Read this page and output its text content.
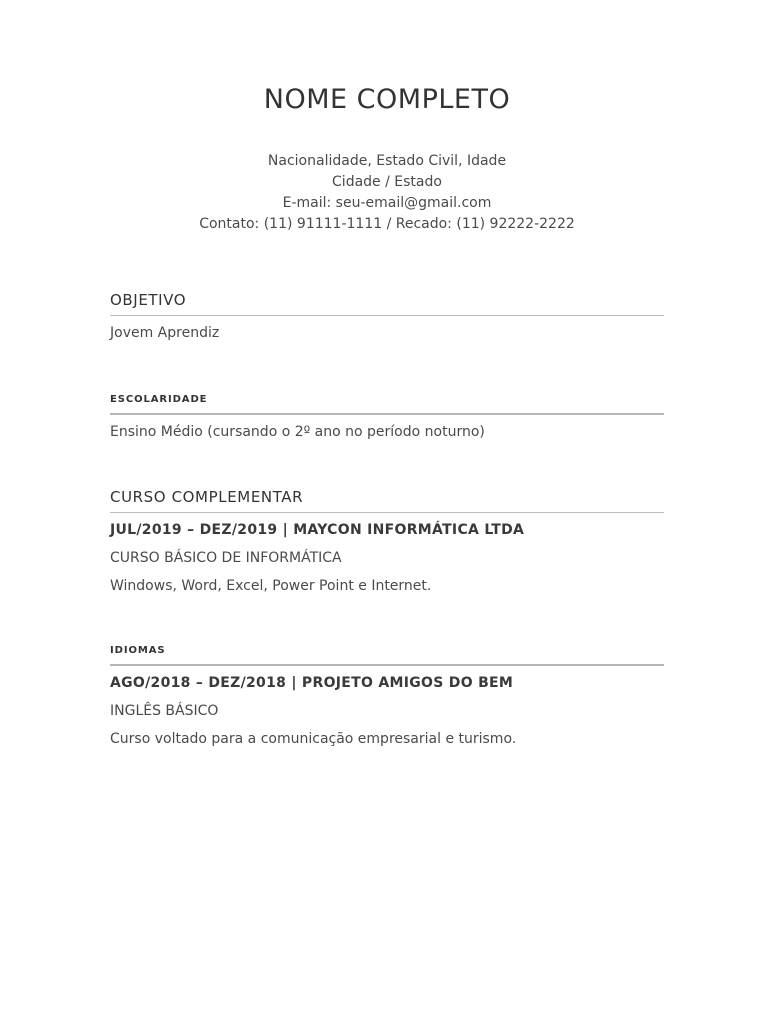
NOME COMPLETO
Nacionalidade, Estado Civil, Idade
Cidade / Estado
E-mail: seu-email@gmail.com
Contato: (11) 91111-1111 / Recado: (11) 92222-2222
OBJETIVO
Jovem Aprendiz
ESCOLARIDADE
Ensino Médio (cursando o 2º ano no período noturno)
CURSO COMPLEMENTAR
JUL/2019 – DEZ/2019 | MAYCON INFORMÁTICA LTDA
CURSO BÁSICO DE INFORMÁTICA
Windows, Word, Excel, Power Point e Internet.
IDIOMAS
AGO/2018 – DEZ/2018 | PROJETO AMIGOS DO BEM
INGLÊS BÁSICO
Curso voltado para a comunicação empresarial e turismo.
